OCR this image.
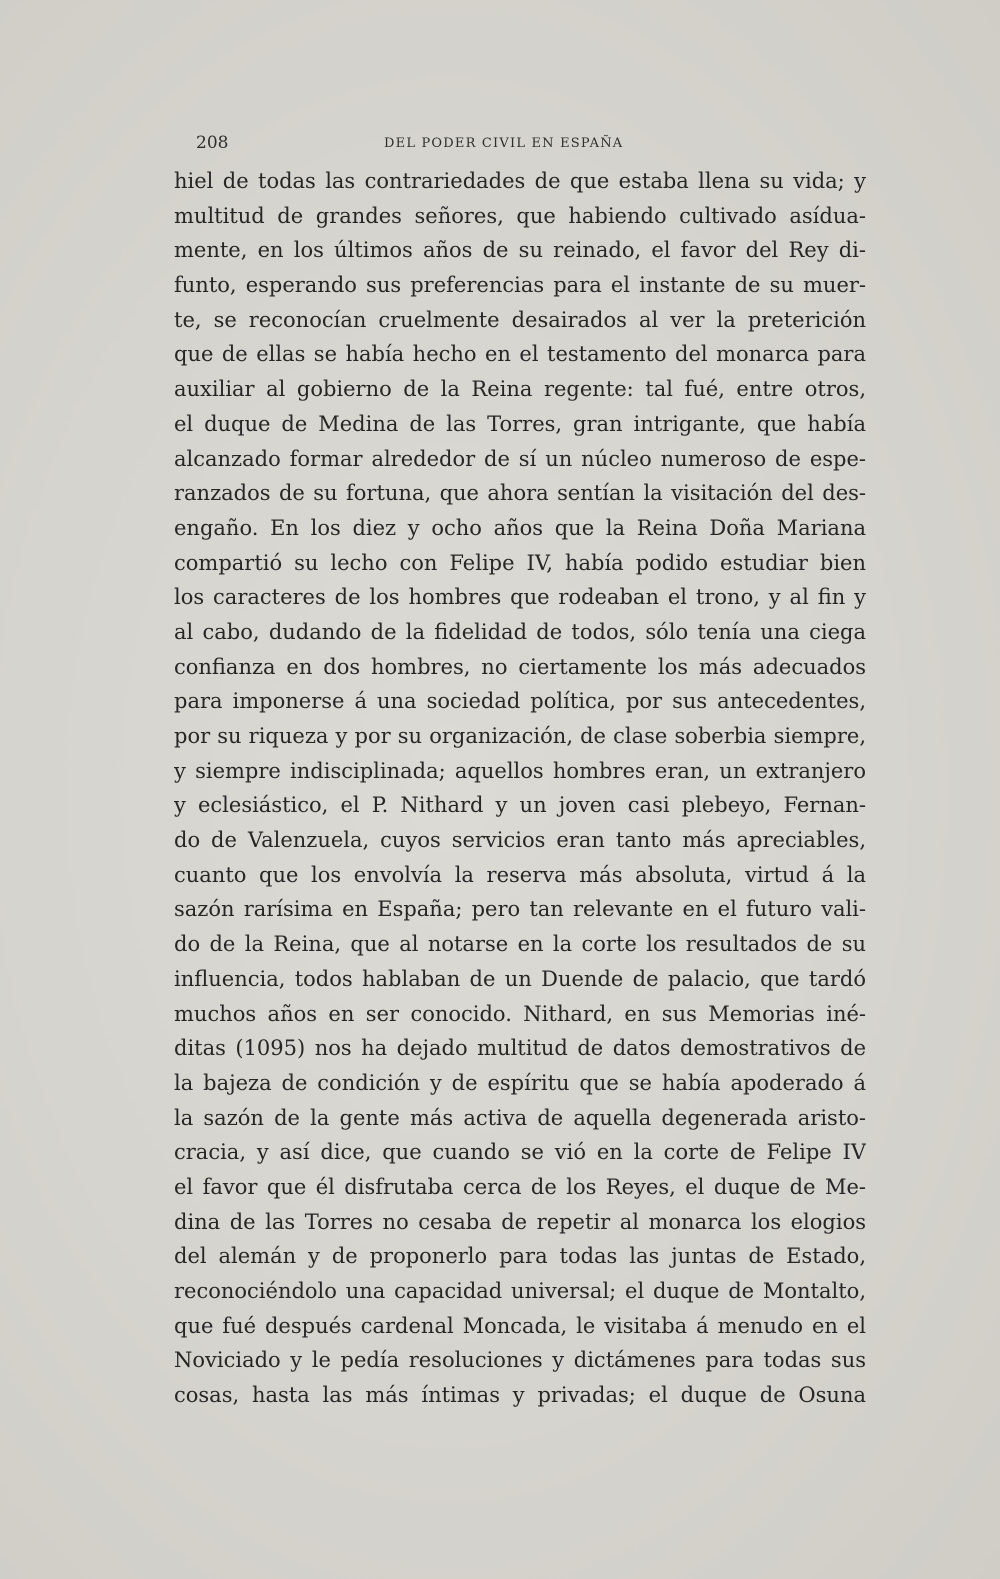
208	DEL PODER CIVIL EN ESPAÑA
hiel de todas las contrariedades de que estaba llena su vida; y
multitud de grandes señores, que habiendo cultivado asídua-
mente, en los últimos años de su reinado, el favor del Rey di-
funto, esperando sus preferencias para el instante de su muer-
te, se reconocían cruelmente desairados al ver la preterición
que de ellas se había hecho en el testamento del monarca para
auxiliar al gobierno de la Reina regente: tal fué, entre otros,
el duque de Medina de las Torres, gran intrigante, que había
alcanzado formar alrededor de sí un núcleo numeroso de espe-
ranzados de su fortuna, que ahora sentían la visitación del des-
engaño. En los diez y ocho años que la Reina Doña Mariana
compartió su lecho con Felipe IV, había podido estudiar bien
los caracteres de los hombres que rodeaban el trono, y al fin y
al cabo, dudando de la fidelidad de todos, sólo tenía una ciega
confianza en dos hombres, no ciertamente los más adecuados
para imponerse á una sociedad política, por sus antecedentes,
por su riqueza y por su organización, de clase soberbia siempre,
y siempre indisciplinada; aquellos hombres eran, un extranjero
y eclesiástico, el P. Nithard y un joven casi plebeyo, Fernan-
do de Valenzuela, cuyos servicios eran tanto más apreciables,
cuanto que los envolvía la reserva más absoluta, virtud á la
sazón rarísima en España; pero tan relevante en el futuro vali-
do de la Reina, que al notarse en la corte los resultados de su
influencia, todos hablaban de un Duende de palacio, que tardó
muchos años en ser conocido. Nithard, en sus Memorias iné-
ditas (1095) nos ha dejado multitud de datos demostrativos de
la bajeza de condición y de espíritu que se había apoderado á
la sazón de la gente más activa de aquella degenerada aristo-
cracia, y así dice, que cuando se vió en la corte de Felipe IV
el favor que él disfrutaba cerca de los Reyes, el duque de Me-
dina de las Torres no cesaba de repetir al monarca los elogios
del alemán y de proponerlo para todas las juntas de Estado,
reconociéndolo una capacidad universal; el duque de Montalto,
que fué después cardenal Moncada, le visitaba á menudo en el
Noviciado y le pedía resoluciones y dictámenes para todas sus
cosas, hasta las más íntimas y privadas; el duque de Osuna
